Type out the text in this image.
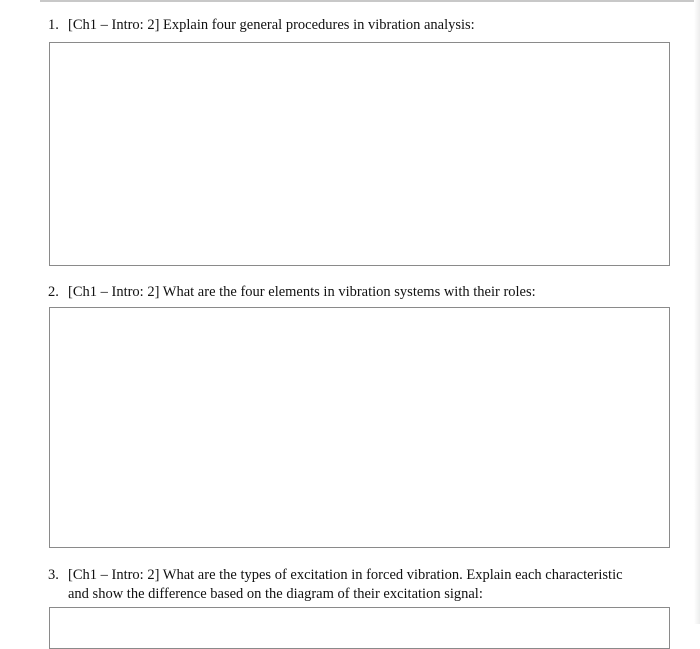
1. [Ch1 – Intro: 2] Explain four general procedures in vibration analysis:
2. [Ch1 – Intro: 2] What are the four elements in vibration systems with their roles:
3. [Ch1 – Intro: 2] What are the types of excitation in forced vibration. Explain each characteristic
and show the difference based on the diagram of their excitation signal:
